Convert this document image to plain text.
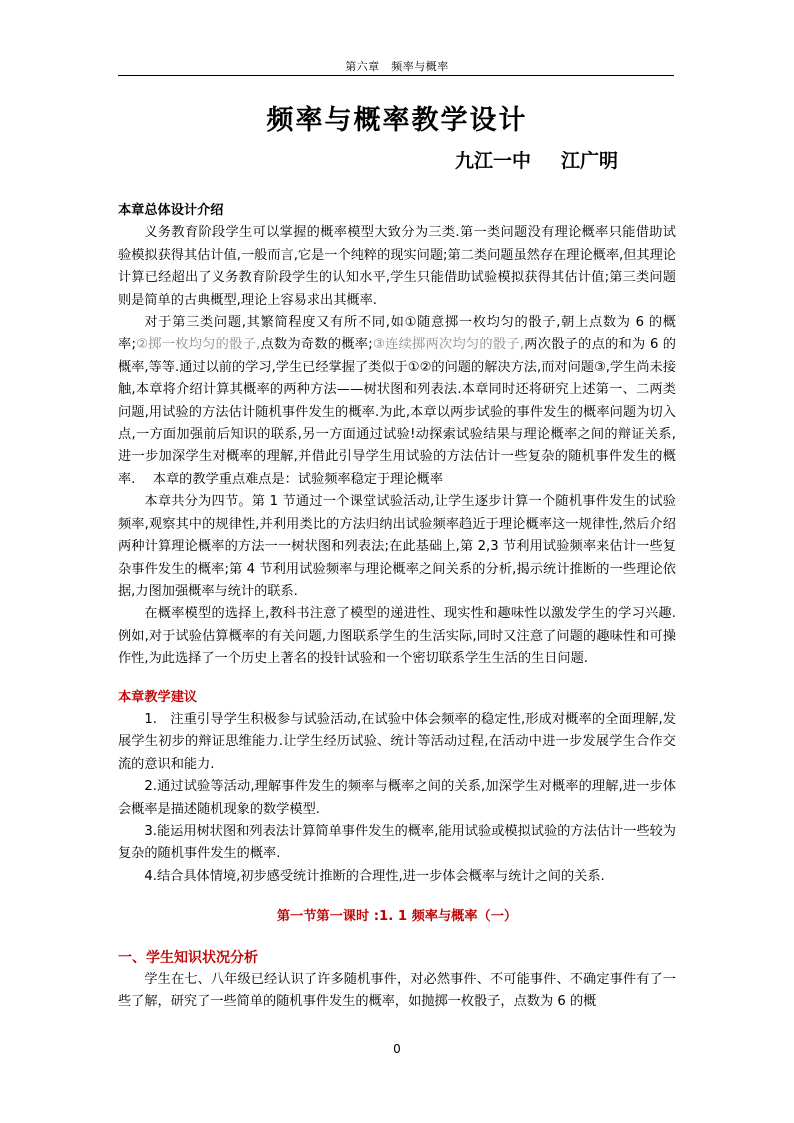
第六章　频率与概率
频率与概率教学设计
九江一中 江广明
本章总体设计介绍

义务教育阶段学生可以掌握的概率模型大致分为三类.第一类问题没有理论概率只能借助试验模拟获得其估计值,一般而言,它是一个纯粹的现实问题;第二类问题虽然存在理论概率,但其理论计算已经超出了义务教育阶段学生的认知水平,学生只能借助试验模拟获得其估计值;第三类问题则是简单的古典概型,理论上容易求出其概率.

对于第三类问题,其繁简程度又有所不同,如①随意掷一枚均匀的骰子,朝上点数为 6 的概率;②掷一枚均匀的骰子,点数为奇数的概率;③连续掷两次均匀的骰子,两次骰子的点的和为 6 的概率,等等.通过以前的学习,学生已经掌握了类似于①②的问题的解决方法,而对问题③,学生尚未接触,本章将介绍计算其概率的两种方法——树状图和列表法.本章同时还将研究上述第一、二两类问题,用试验的方法估计随机事件发生的概率.为此,本章以两步试验的事件发生的概率问题为切入点,一方面加强前后知识的联系,另一方面通过试验!动探索试验结果与理论概率之间的辩证关系,进一步加深学生对概率的理解,并借此引导学生用试验的方法估计一些复杂的随机事件发生的概率.　 本章的教学重点难点是：试验频率稳定于理论概率

本章共分为四节。第 1 节通过一个课堂试验活动,让学生逐步计算一个随机事件发生的试验频率,观察其中的规律性,并利用类比的方法归纳出试验频率趋近于理论概率这一规律性,然后介绍两种计算理论概率的方法一一树状图和列表法;在此基础上,第 2,3 节利用试验频率来估计一些复杂事件发生的概率;第 4 节利用试验频率与理论概率之间关系的分析,揭示统计推断的一些理论依据,力图加强概率与统计的联系.

在概率模型的选择上,教科书注意了模型的递进性、现实性和趣味性以激发学生的学习兴趣.例如,对于试验估算概率的有关问题,力图联系学生的生活实际,同时又注意了问题的趣味性和可操作性,为此选择了一个历史上著名的投针试验和一个密切联系学生生活的生日问题.

本章教学建议

1.　注重引导学生积极参与试验活动,在试验中体会频率的稳定性,形成对概率的全面理解,发展学生初步的辩证思维能力.让学生经历试验、统计等活动过程,在活动中进一步发展学生合作交流的意识和能力.

2.通过试验等活动,理解事件发生的频率与概率之间的关系,加深学生对概率的理解,进一步体会概率是描述随机现象的数学模型.

3.能运用树状图和列表法计算简单事件发生的概率,能用试验或模拟试验的方法估计一些较为复杂的随机事件发生的概率.

4.结合具体情境,初步感受统计推断的合理性,进一步体会概率与统计之间的关系.

第一节第一课时 :1. 1 频率与概率（一）

一、学生知识状况分析

学生在七、八年级已经认识了许多随机事件，对必然事件、不可能事件、不确定事件有了一些了解，研究了一些简单的随机事件发生的概率，如抛掷一枚骰子，点数为 6 的概

0
